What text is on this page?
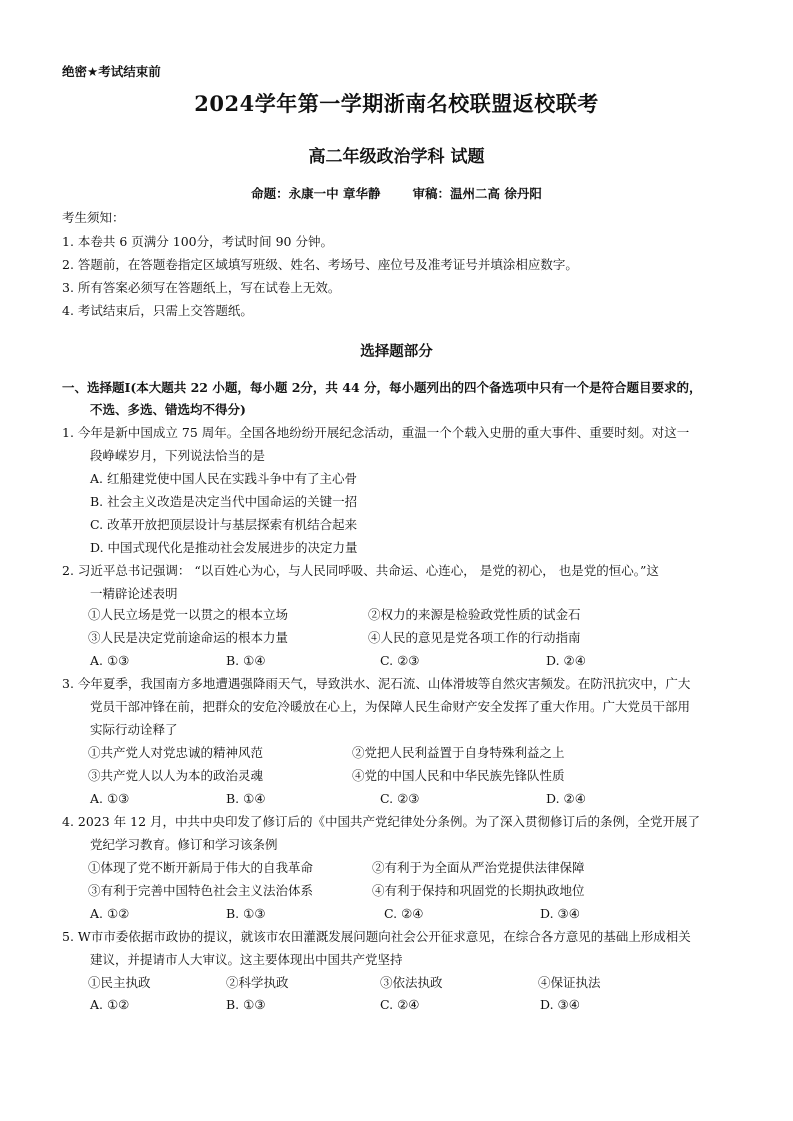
绝密★考试结束前
2024学年第一学期浙南名校联盟返校联考
高二年级政治学科 试题
命题：永康一中 章华静	审稿：温州二高 徐丹阳
考生须知：
1. 本卷共 6 页满分 100分，考试时间 90 分钟。
2. 答题前，在答题卷指定区域填写班级、姓名、考场号、座位号及准考证号并填涂相应数字。
3. 所有答案必须写在答题纸上，写在试卷上无效。
4. 考试结束后，只需上交答题纸。
选择题部分
一、选择题Ⅰ(本大题共 22 小题，每小题 2分，共 44 分，每小题列出的四个备选项中只有一个是符合题目要求的，
不选、多选、错选均不得分)
1. 今年是新中国成立 75 周年。全国各地纷纷开展纪念活动，重温一个个载入史册的重大事件、重要时刻。对这一
段峥嵘岁月，下列说法恰当的是
A. 红船建党使中国人民在实践斗争中有了主心骨
B. 社会主义改造是决定当代中国命运的关键一招
C. 改革开放把顶层设计与基层探索有机结合起来
D. 中国式现代化是推动社会发展进步的决定力量
2. 习近平总书记强调： “以百姓心为心，与人民同呼吸、共命运、心连心， 是党的初心， 也是党的恒心。”这
一精辟论述表明
①人民立场是党一以贯之的根本立场	②权力的来源是检验政党性质的试金石
③人民是决定党前途命运的根本力量	④人民的意见是党各项工作的行动指南
A. ①③	B. ①④	C. ②③	D. ②④
3. 今年夏季，我国南方多地遭遇强降雨天气，导致洪水、泥石流、山体滑坡等自然灾害频发。在防汛抗灾中，广大
党员干部冲锋在前，把群众的安危冷暖放在心上，为保障人民生命财产安全发挥了重大作用。广大党员干部用
实际行动诠释了
①共产党人对党忠诚的精神风范	②党把人民利益置于自身特殊利益之上
③共产党人以人为本的政治灵魂	④党的中国人民和中华民族先锋队性质
A. ①③	B. ①④	C. ②③	D. ②④
4. 2023 年 12 月，中共中央印发了修订后的《中国共产党纪律处分条例。为了深入贯彻修订后的条例，全党开展了
党纪学习教育。修订和学习该条例
①体现了党不断开新局于伟大的自我革命	②有利于为全面从严治党提供法律保障
③有利于完善中国特色社会主义法治体系	④有利于保持和巩固党的长期执政地位
A. ①②	B. ①③	C. ②④	D. ③④
5. W市市委依据市政协的提议，就该市农田灌溉发展问题向社会公开征求意见，在综合各方意见的基础上形成相关
建议，并提请市人大审议。这主要体现出中国共产党坚持
①民主执政	②科学执政	③依法执政	④保证执法
A. ①②	B. ①③	C. ②④	D. ③④
